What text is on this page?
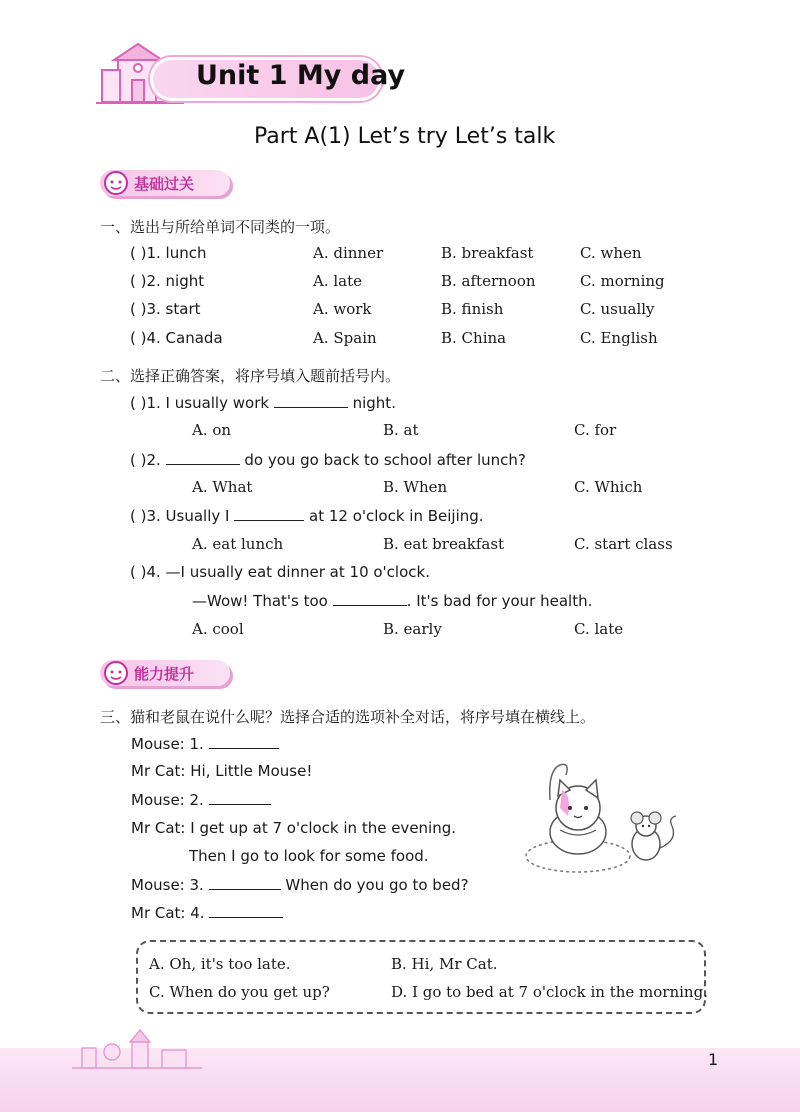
Unit 1 My day
Part A(1) Let’s try Let’s talk
基础过关
一、选出与所给单词不同类的一项。
( )1. lunch	A. dinner	B. breakfast	C. when
( )2. night	A. late	B. afternoon	C. morning
( )3. start	A. work	B. finish	C. usually
( )4. Canada	A. Spain	B. China	C. English
二、选择正确答案，将序号填入题前括号内。
( )1. I usually work	night.
A. on	B. at	C. for
( )2.	do you go back to school after lunch?
A. What	B. When	C. Which
( )3. Usually I	at 12 o'clock in Beijing.
A. eat lunch	B. eat breakfast	C. start class
( )4. —I usually eat dinner at 10 o'clock.
—Wow! That's too	. It's bad for your health.
A. cool	B. early	C. late
能力提升
三、猫和老鼠在说什么呢？选择合适的选项补全对话，将序号填在横线上。
Mouse: 1.
Mr Cat: Hi, Little Mouse!
Mouse: 2.
Mr Cat: I get up at 7 o'clock in the evening.
Then I go to look for some food.
Mouse: 3.	When do you go to bed?
Mr Cat: 4.
A. Oh, it's too late.	B. Hi, Mr Cat.
C. When do you get up?	D. I go to bed at 7 o'clock in the morning.
1
